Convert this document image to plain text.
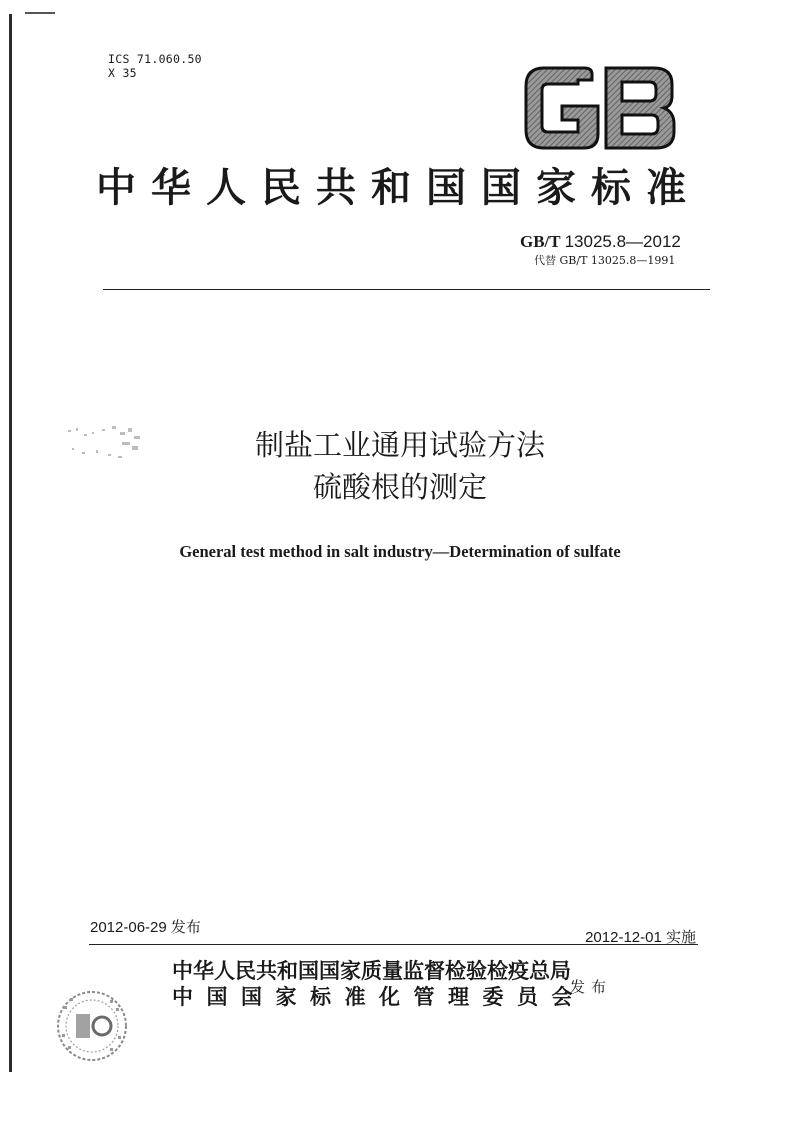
ICS 71.060.50
X 35
中华人民共和国国家标准
GB/T 13025.8—2012
代替 GB/T 13025.8—1991
制盐工业通用试验方法
硫酸根的测定
General test method in salt industry—Determination of sulfate
2012-06-29 发布
2012-12-01 实施
中华人民共和国国家质量监督检验检疫总局
中国国家标准化管理委员会
发布
